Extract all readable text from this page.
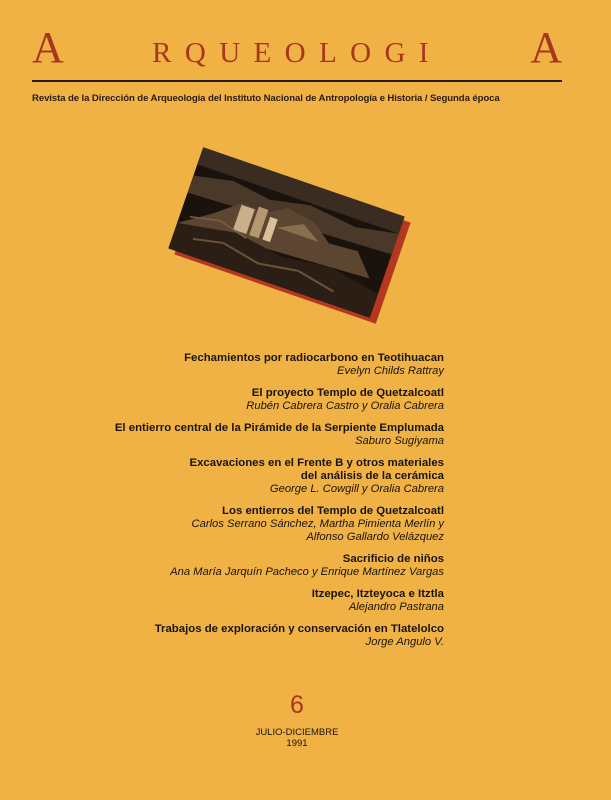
A	RQUEOLOGI A
Revista de la Dirección de Arqueología del Instituto Nacional de Antropología e Historia / Segunda época
Fechamientos por radiocarbono en Teotihuacan
Evelyn Childs Rattray
El proyecto Templo de Quetzalcoatl
Rubén Cabrera Castro y Oralia Cabrera
El entierro central de la Pirámide de la Serpiente Emplumada
Saburo Sugiyama
Excavaciones en el Frente B y otros materiales
del análisis de la cerámica
George L. Cowgill y Oralia Cabrera
Los entierros del Templo de Quetzalcoatl
Carlos Serrano Sánchez, Martha Pimienta Merlín y
Alfonso Gallardo Velázquez
Sacrificio de niños
Ana María Jarquín Pacheco y Enrique Martínez Vargas
Itzepec, Itzteyoca e Itztla
Alejandro Pastrana
Trabajos de exploración y conservación en Tlatelolco
Jorge Angulo V.
6
JULIO-DICIEMBRE
1991
